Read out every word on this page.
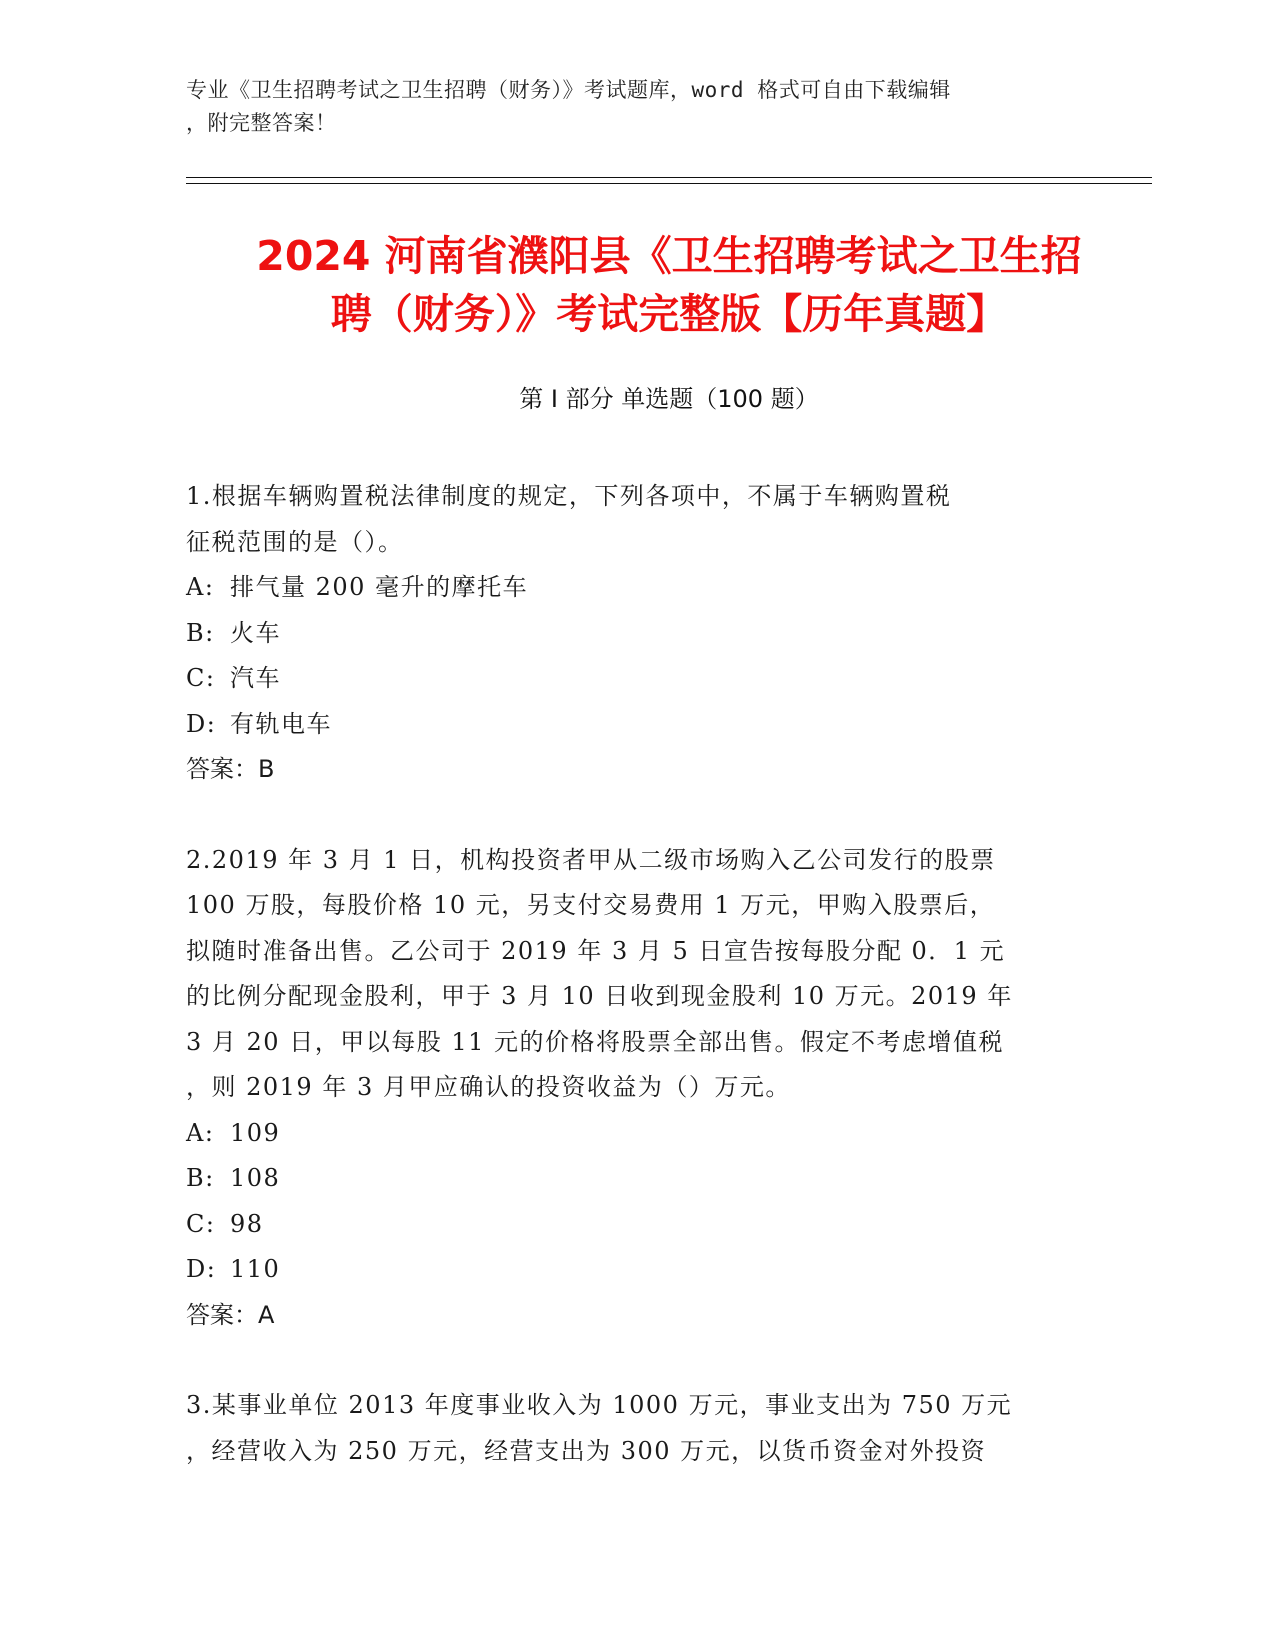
专业《卫生招聘考试之卫生招聘（财务）》考试题库，word 格式可自由下载编辑
，附完整答案！
2024 河南省濮阳县《卫生招聘考试之卫生招
聘（财务）》考试完整版【历年真题】
第 I 部分 单选题（100 题）

1.根据车辆购置税法律制度的规定，下列各项中，不属于车辆购置税

征税范围的是（）。

A: 排气量 200 毫升的摩托车

B: 火车

C: 汽车

D: 有轨电车

答案：B

2.2019 年 3 月 1 日，机构投资者甲从二级市场购入乙公司发行的股票

100 万股，每股价格 10 元，另支付交易费用 1 万元，甲购入股票后，

拟随时准备出售。乙公司于 2019 年 3 月 5 日宣告按每股分配 0．1 元

的比例分配现金股利，甲于 3 月 10 日收到现金股利 10 万元。2019 年

3 月 20 日，甲以每股 11 元的价格将股票全部出售。假定不考虑增值税

，则 2019 年 3 月甲应确认的投资收益为（）万元。

A: 109

B: 108

C: 98

D: 110

答案：A

3.某事业单位 2013 年度事业收入为 1000 万元，事业支出为 750 万元

，经营收入为 250 万元，经营支出为 300 万元，以货币资金对外投资
